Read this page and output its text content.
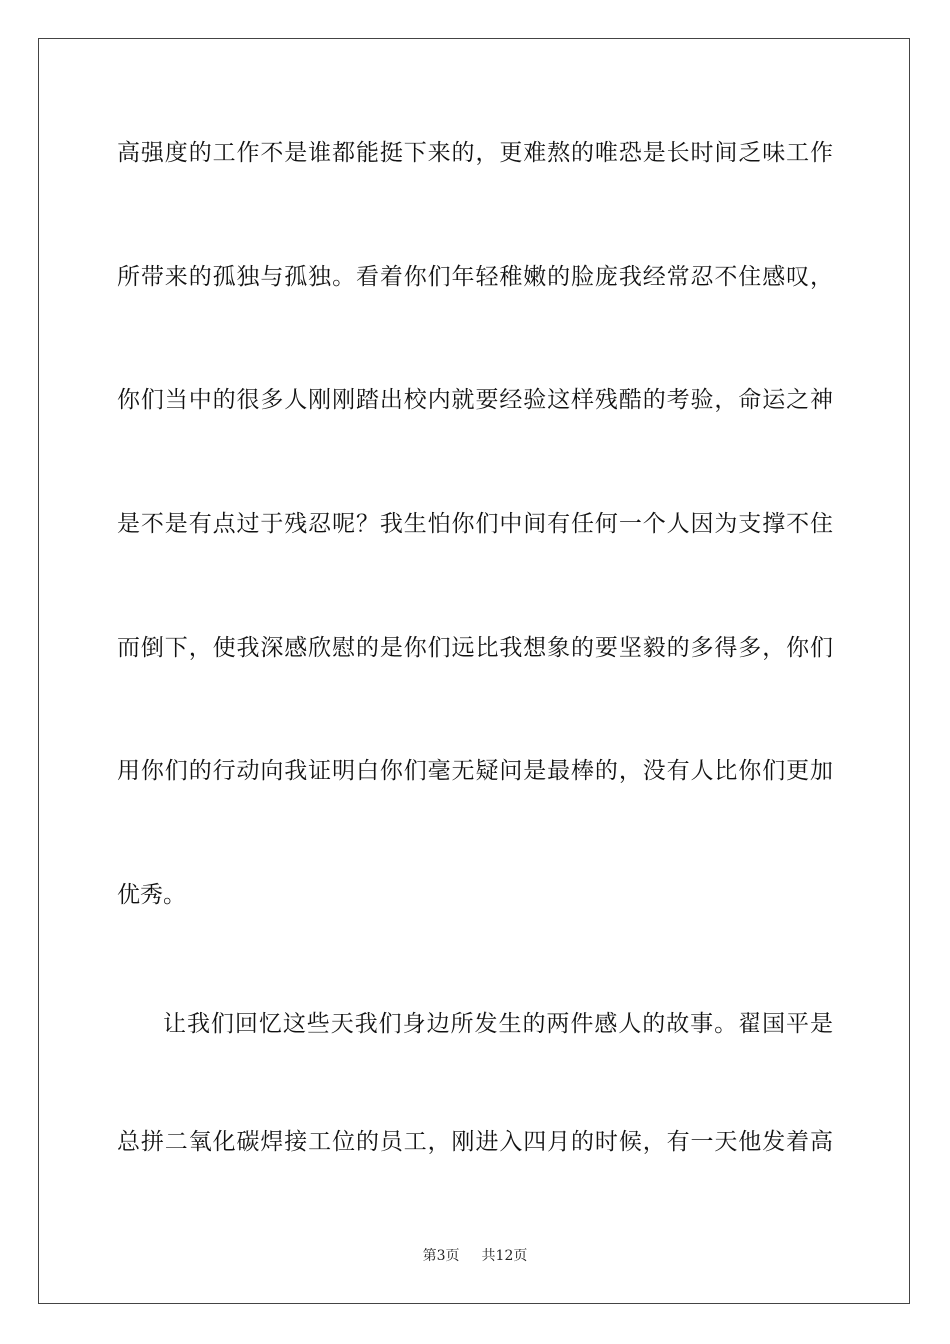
高强度的工作不是谁都能挺下来的，更难熬的唯恐是长时间乏味工作
所带来的孤独与孤独。看着你们年轻稚嫩的脸庞我经常忍不住感叹，
你们当中的很多人刚刚踏出校内就要经验这样残酷的考验，命运之神
是不是有点过于残忍呢？我生怕你们中间有任何一个人因为支撑不住
而倒下，使我深感欣慰的是你们远比我想象的要坚毅的多得多，你们
用你们的行动向我证明白你们毫无疑问是最棒的，没有人比你们更加
优秀。
让我们回忆这些天我们身边所发生的两件感人的故事。翟国平是
总拼二氧化碳焊接工位的员工，刚进入四月的时候，有一天他发着高
第3页 共12页
